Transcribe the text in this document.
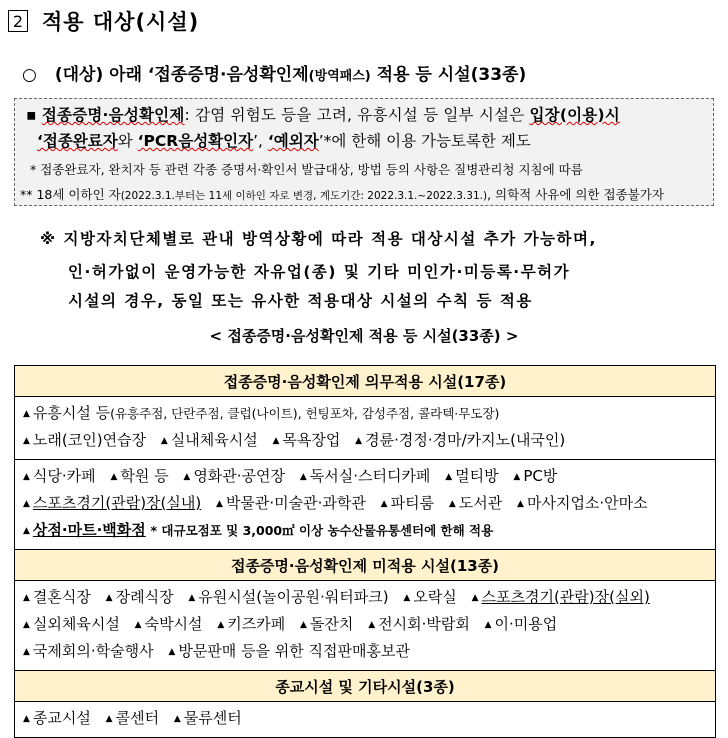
2 적용 대상(시설)
○ (대상) 아래 ‘접종증명·음성확인제(방역패스) 적용 등 시설(33종)
▪ 접종증명·음성확인제: 감염 위험도 등을 고려, 유흥시설 등 일부 시설은 입장(이용)시
‘접종완료자와 ‘PCR음성확인자’, ‘예외자’*에 한해 이용 가능토록한 제도
* 접종완료자, 완치자 등 관련 각종 증명서·확인서 발급대상, 방법 등의 사항은 질병관리청 지침에 따름
** 18세 이하인 자(2022.3.1.부터는 11세 이하인 자로 변경, 계도기간: 2022.3.1.~2022.3.31.), 의학적 사유에 의한 접종불가자
※ 지방자치단체별로 관내 방역상황에 따라 적용 대상시설 추가 가능하며,
인·허가없이 운영가능한 자유업(종) 및 기타 미인가·미등록·무허가
시설의 경우, 동일 또는 유사한 적용대상 시설의 수칙 등 적용
< 접종증명·음성확인제 적용 등 시설(33종) >
접종증명·음성확인제 의무적용 시설(17종)

▲ 유흥시설 등(유흥주점, 단란주점, 클럽(나이트), 헌팅포차, 감성주점, 콜라텍·무도장)
▲ 노래(코인)연습장 ▲ 실내체육시설 ▲ 목욕장업 ▲ 경륜·경정·경마/카지노(내국인)

▲ 식당·카페 ▲ 학원 등 ▲ 영화관·공연장 ▲ 독서실·스터디카페 ▲ 멀티방 ▲ PC방
▲ 스포츠경기(관람)장(실내) ▲ 박물관·미술관·과학관 ▲ 파티룸 ▲ 도서관 ▲ 마사지업소·안마소
▲ 상점·마트·백화점 * 대규모점포 및 3,000㎡ 이상 농수산물유통센터에 한해 적용

접종증명·음성확인제 미적용 시설(13종)

▲ 결혼식장 ▲ 장례식장 ▲ 유원시설(놀이공원·워터파크) ▲ 오락실 ▲ 스포츠경기(관람)장(실외)
▲ 실외체육시설 ▲ 숙박시설 ▲ 키즈카페 ▲ 돌잔치 ▲ 전시회·박람회 ▲ 이·미용업
▲ 국제회의·학술행사 ▲ 방문판매 등을 위한 직접판매홍보관

종교시설 및 기타시설(3종)

▲ 종교시설 ▲ 콜센터 ▲ 물류센터
